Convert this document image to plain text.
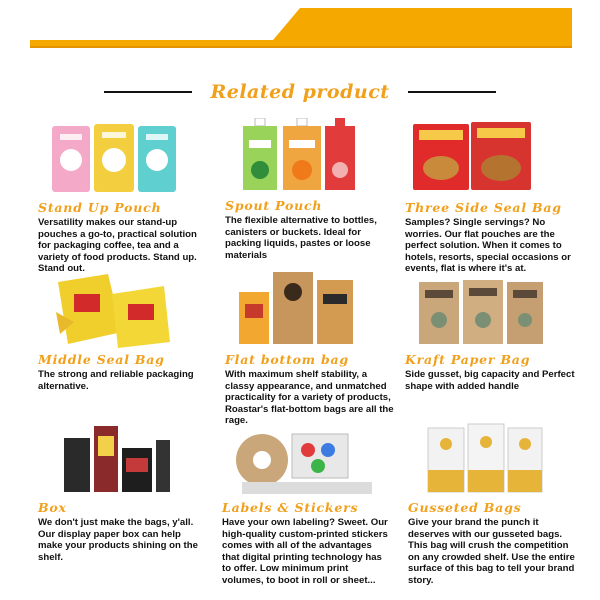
Related product
Stand Up Pouch
Versatility makes our stand-up pouches a go-to, practical solution for packaging coffee, tea and a variety of food products. Stand up. Stand out.
Spout Pouch
The flexible alternative to bottles, canisters or buckets. Ideal for packing liquids, pastes or loose materials
Three Side Seal Bag
Samples? Single servings? No worries. Our flat pouches are the perfect solution. When it comes to hotels, resorts, special occasions or events, flat is where it's at.
Middle Seal Bag
The strong and reliable packaging alternative.
Flat bottom bag
With maximum shelf stability, a classy appearance, and unmatched practicality for a variety of products, Roastar's flat-bottom bags are all the rage.
Kraft Paper Bag
Side gusset, big capacity and Perfect shape with added handle
Box
We don't just make the bags, y'all. Our display paper box can help make your products shining on the shelf.
Labels & Stickers
Have your own labeling? Sweet. Our high-quality custom-printed stickers comes with all of the advantages that digital printing technology has to offer. Low minimum print volumes, to boot in roll or sheet...
Gusseted Bags
Give your brand the punch it deserves with our gusseted bags. This bag will crush the competition on any crowded shelf. Use the entire surface of this bag to tell your brand story.
